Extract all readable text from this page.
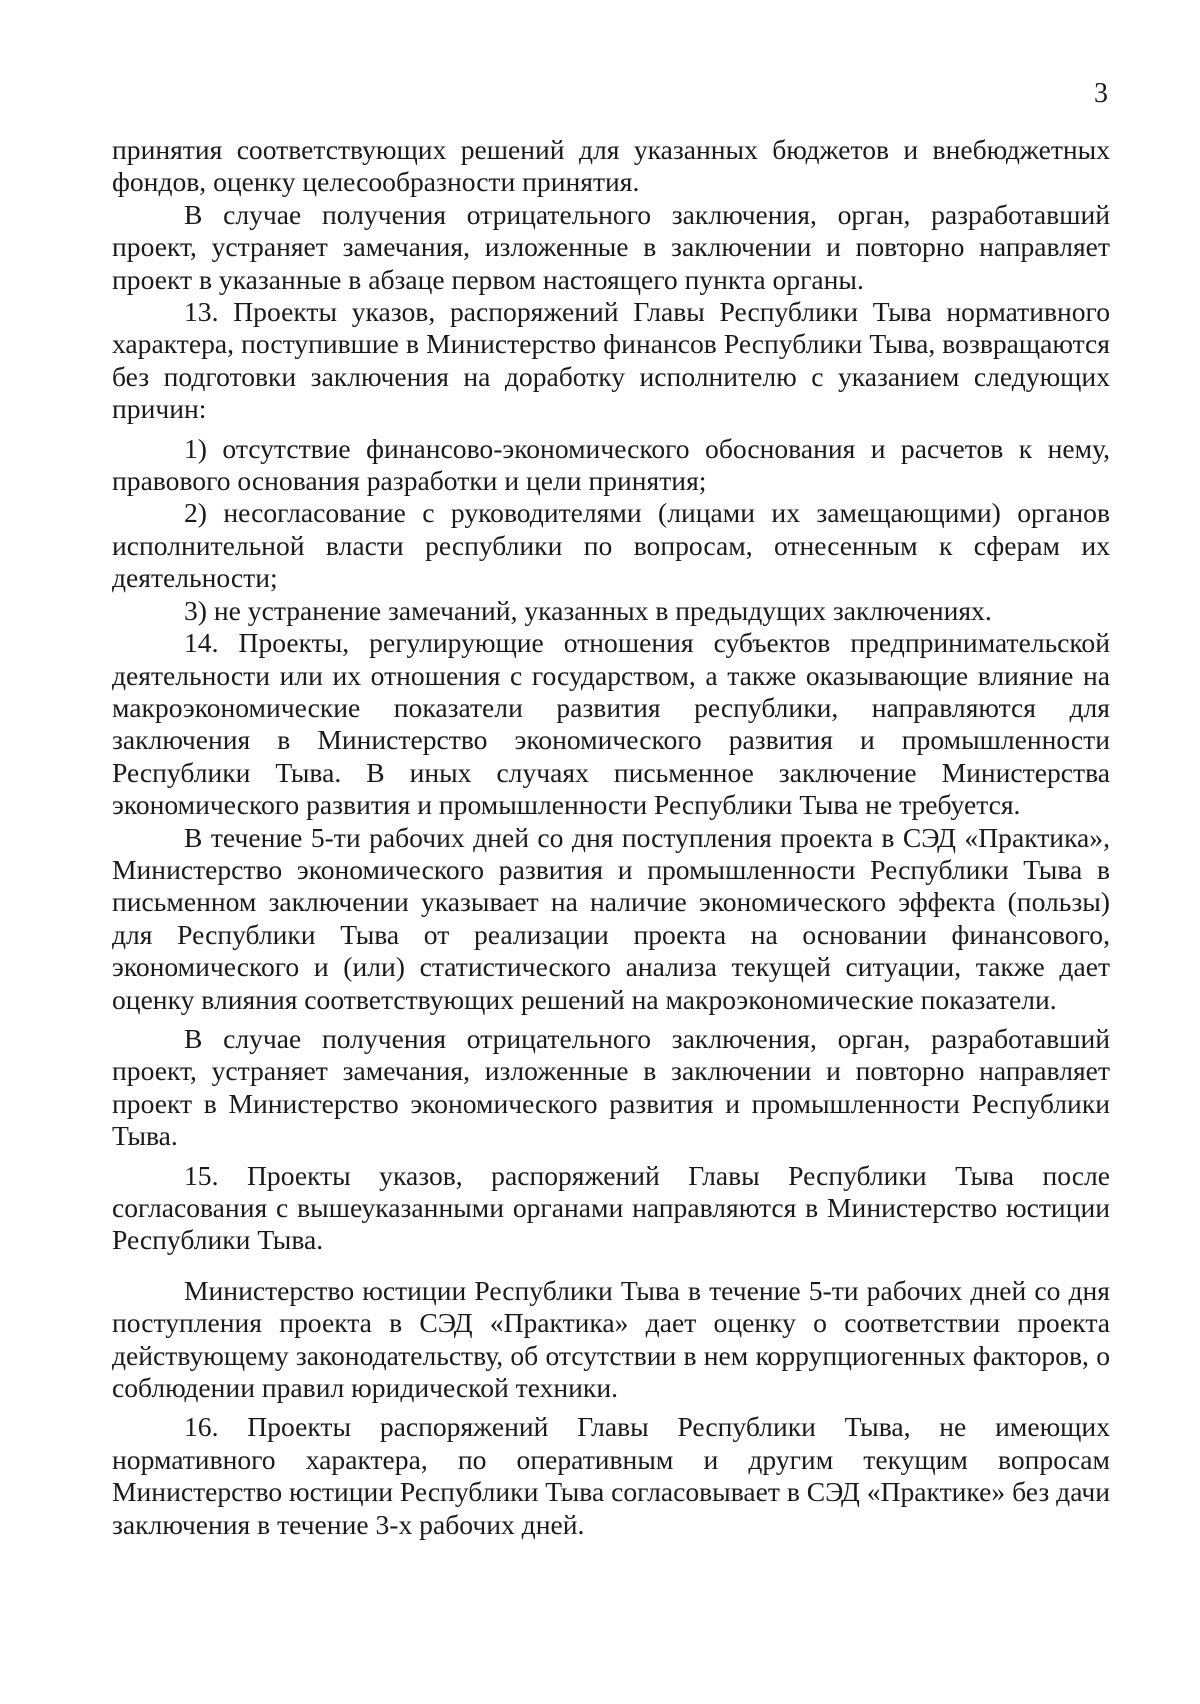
3

принятия соответствующих решений для указанных бюджетов и внебюджетных фондов, оценку целесообразности принятия.

В случае получения отрицательного заключения, орган, разработавший проект, устраняет замечания, изложенные в заключении и повторно направляет проект в указанные в абзаце первом настоящего пункта органы.

13. Проекты указов, распоряжений Главы Республики Тыва нормативного характера, поступившие в Министерство финансов Республики Тыва, возвращаются без подготовки заключения на доработку исполнителю с указанием следующих причин:

1) отсутствие финансово-экономического обоснования и расчетов к нему, правового основания разработки и цели принятия;

2) несогласование с руководителями (лицами их замещающими) органов исполнительной власти республики по вопросам, отнесенным к сферам их деятельности;

3) не устранение замечаний, указанных в предыдущих заключениях.

14. Проекты, регулирующие отношения субъектов предпринимательской деятельности или их отношения с государством, а также оказывающие влияние на макроэкономические показатели развития республики, направляются для заключения в Министерство экономического развития и промышленности Республики Тыва. В иных случаях письменное заключение Министерства экономического развития и промышленности Республики Тыва не требуется.

В течение 5-ти рабочих дней со дня поступления проекта в СЭД «Практика», Министерство экономического развития и промышленности Республики Тыва в письменном заключении указывает на наличие экономического эффекта (пользы) для Республики Тыва от реализации проекта на основании финансового, экономического и (или) статистического анализа текущей ситуации, также дает оценку влияния соответствующих решений на макроэкономические показатели.

В случае получения отрицательного заключения, орган, разработавший проект, устраняет замечания, изложенные в заключении и повторно направляет проект в Министерство экономического развития и промышленности Республики Тыва.

15. Проекты указов, распоряжений Главы Республики Тыва после согласования с вышеуказанными органами направляются в Министерство юстиции Республики Тыва.

Министерство юстиции Республики Тыва в течение 5-ти рабочих дней со дня поступления проекта в СЭД «Практика» дает оценку о соответствии проекта действующему законодательству, об отсутствии в нем коррупциогенных факторов, о соблюдении правил юридической техники.

16. Проекты распоряжений Главы Республики Тыва, не имеющих нормативного характера, по оперативным и другим текущим вопросам Министерство юстиции Республики Тыва согласовывает в СЭД «Практике» без дачи заключения в течение 3-х рабочих дней.
